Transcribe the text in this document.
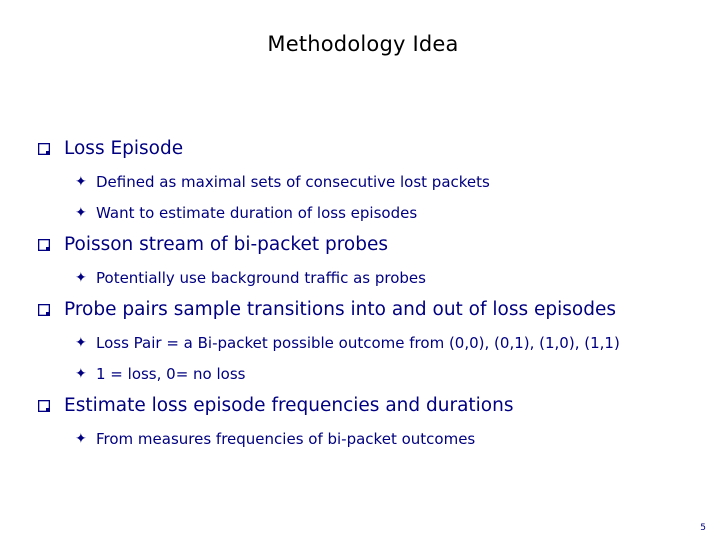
Methodology Idea
Loss Episode
✦ Defined as maximal sets of consecutive lost packets
✦ Want to estimate duration of loss episodes
Poisson stream of bi-packet probes
✦ Potentially use background traffic as probes
Probe pairs sample transitions into and out of loss episodes
✦ Loss Pair = a Bi-packet possible outcome from (0,0), (0,1), (1,0), (1,1)
✦ 1 = loss, 0= no loss
Estimate loss episode frequencies and durations
✦ From measures frequencies of bi-packet outcomes
5
